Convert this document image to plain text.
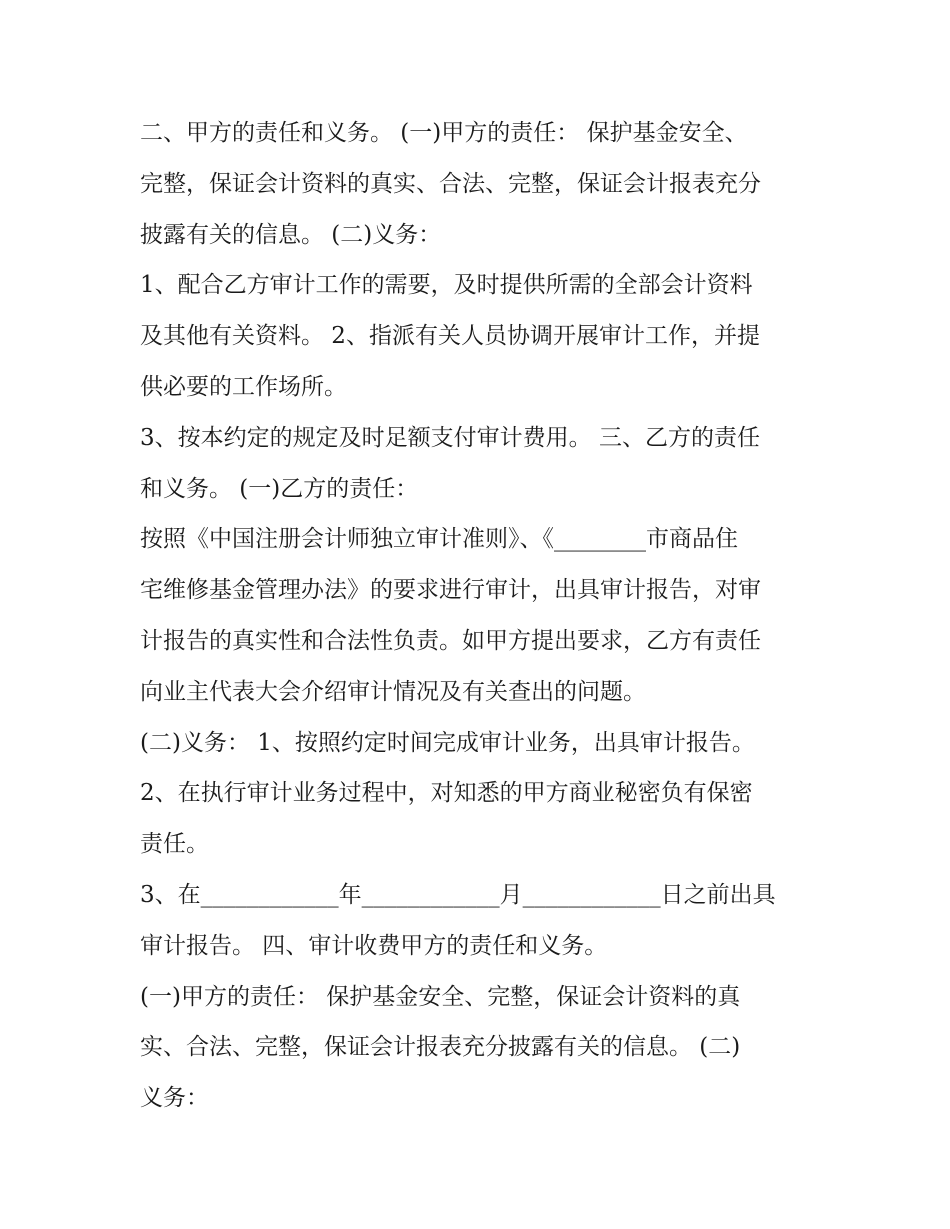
二、甲方的责任和义务。 (一)甲方的责任： 保护基金安全、
完整，保证会计资料的真实、合法、完整，保证会计报表充分
披露有关的信息。 (二)义务：
1、配合乙方审计工作的需要，及时提供所需的全部会计资料
及其他有关资料。 2、指派有关人员协调开展审计工作，并提
供必要的工作场所。
3、按本约定的规定及时足额支付审计费用。 三、乙方的责任
和义务。 (一)乙方的责任：
按照《中国注册会计师独立审计准则》、《________市商品住
宅维修基金管理办法》的要求进行审计，出具审计报告，对审
计报告的真实性和合法性负责。如甲方提出要求，乙方有责任
向业主代表大会介绍审计情况及有关查出的问题。
(二)义务： 1、按照约定时间完成审计业务，出具审计报告。
2、在执行审计业务过程中，对知悉的甲方商业秘密负有保密
责任。
3、在____________年____________月____________日之前出具
审计报告。 四、审计收费甲方的责任和义务。
(一)甲方的责任： 保护基金安全、完整，保证会计资料的真
实、合法、完整，保证会计报表充分披露有关的信息。 (二)
义务：
